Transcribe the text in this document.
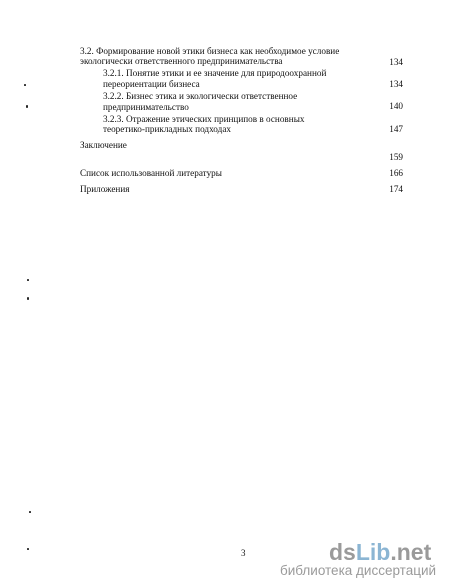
3.2. Формирование новой этики бизнеса как необходимое условие
экологически ответственного предпринимательства	134
3.2.1. Понятие этики и ее значение для природоохранной
переориентации бизнеса	134
3.2.2. Бизнес этика и экологически ответственное
предпринимательство	140
3.2.3. Отражение этических принципов в основных
теоретико-прикладных подходах	147
Заключение
159
Список использованной литературы	166
Приложения	174
3	dsLib.net
библиотека диссертаций
